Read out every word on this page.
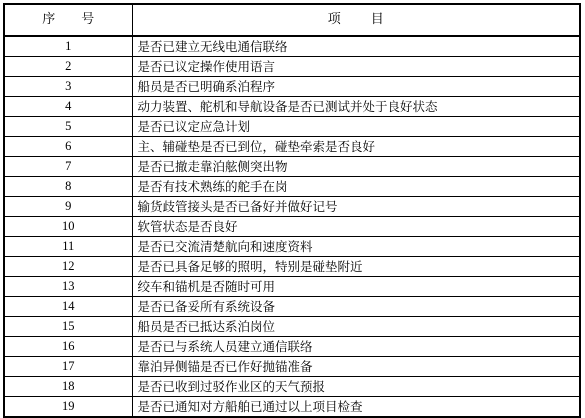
序 号	项 目
1	是否已建立无线电通信联络
2	是否已议定操作使用语言
3	船员是否已明确系泊程序
4	动力装置、舵机和导航设备是否已测试并处于良好状态
5	是否已议定应急计划
6	主、辅碰垫是否已到位，碰垫牵索是否良好
7	是否已撤走靠泊舷侧突出物
8	是否有技术熟练的舵手在岗
9	输货歧管接头是否已备好并做好记号
10	软管状态是否良好
11	是否已交流清楚航向和速度资料
12	是否已具备足够的照明，特别是碰垫附近
13	绞车和锚机是否随时可用
14	是否已备妥所有系统设备
15	船员是否已抵达系泊岗位
16	是否已与系统人员建立通信联络
17	靠泊异侧锚是否已作好抛锚准备
18	是否已收到过驳作业区的天气预报
19	是否已通知对方船舶已通过以上项目检查
